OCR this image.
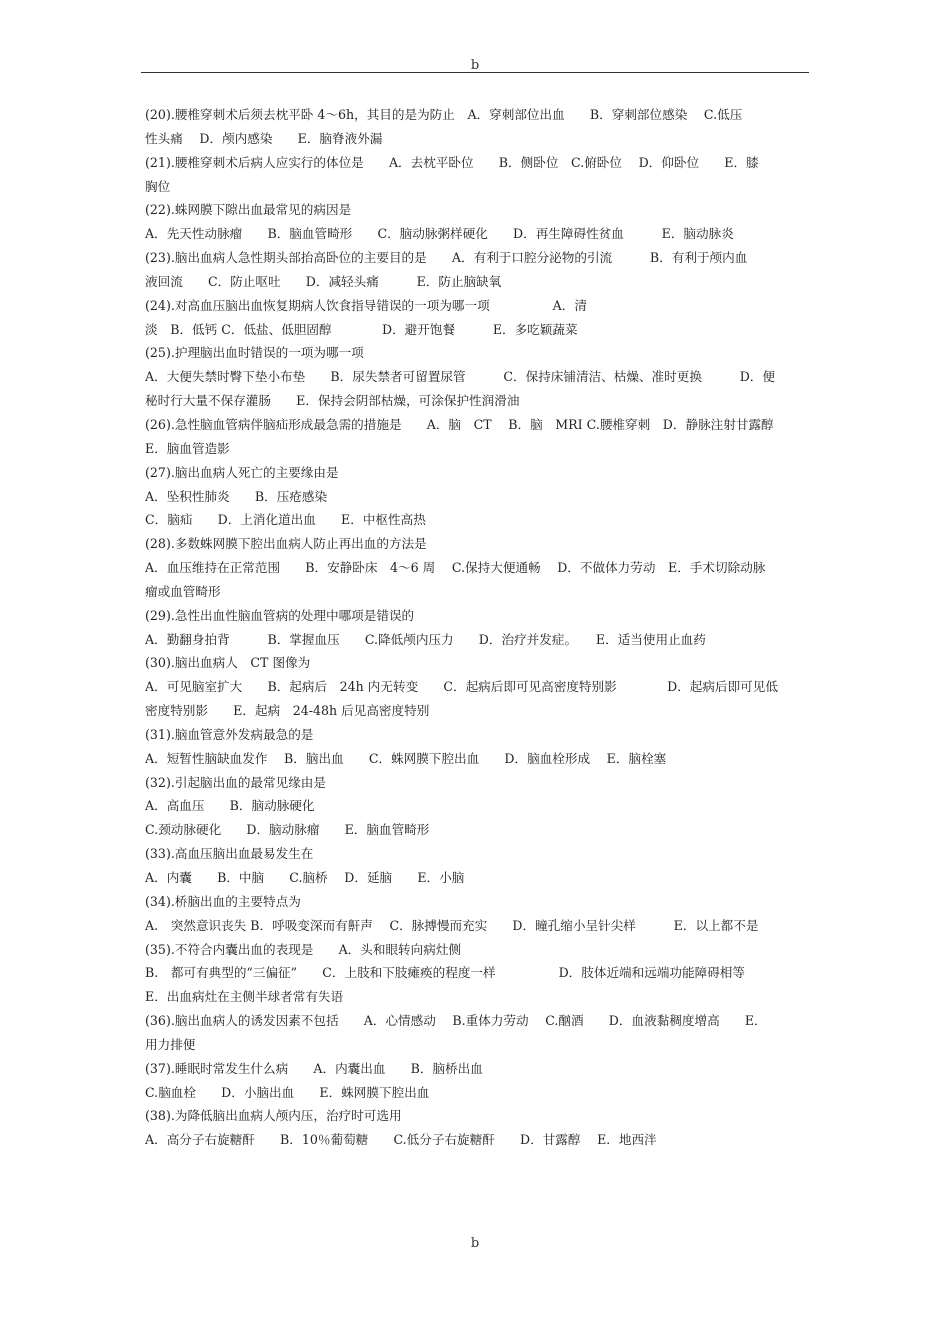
b
(20).腰椎穿刺术后须去枕平卧 4～6h，其目的是为防止　A．穿刺部位出血　　B．穿刺部位感染　 C.低压
性头痛　 D．颅内感染　　E．脑脊液外漏
(21).腰椎穿刺术后病人应实行的体位是　　A．去枕平卧位　　B．侧卧位　C.俯卧位　 D．仰卧位　　E．膝
胸位
(22).蛛网膜下隙出血最常见的病因是
A．先天性动脉瘤　　B．脑血管畸形　　C．脑动脉粥样硬化　　D．再生障碍性贫血　　　E．脑动脉炎
(23).脑出血病人急性期头部抬高卧位的主要目的是　　A．有利于口腔分泌物的引流　　　B．有利于颅内血
液回流　　C．防止呕吐　　D．减轻头痛　　　E．防止脑缺氧
(24).对高血压脑出血恢复期病人饮食指导错误的一项为哪一项　　　　　A．清
淡　B．低钙 C．低盐、低胆固醇　　　　D．避开饱餐　　　E．多吃颖蔬菜
(25).护理脑出血时错误的一项为哪一项
A．大便失禁时臀下垫小布垫　　B．尿失禁者可留置尿管　　　C．保持床铺清洁、枯燥、准时更换　　　D．便
秘时行大量不保存灌肠　　E．保持会阴部枯燥，可涂保护性润滑油
(26).急性脑血管病伴脑疝形成最急需的措施是　　A．脑　CT　 B．脑　MRI C.腰椎穿刺　D．静脉注射甘露醇
E．脑血管造影
(27).脑出血病人死亡的主要缘由是
A．坠积性肺炎　　B．压疮感染
C．脑疝　　D．上消化道出血　　E．中枢性高热
(28).多数蛛网膜下腔出血病人防止再出血的方法是
A．血压维持在正常范围　　B．安静卧床　4～6 周　 C.保持大便通畅　 D．不做体力劳动　E．手术切除动脉
瘤或血管畸形
(29).急性出血性脑血管病的处理中哪项是错误的
A．勤翻身拍背　　　B．掌握血压　　C.降低颅内压力　　D．治疗并发症。　　E．适当使用止血药
(30).脑出血病人　CT 图像为
A．可见脑室扩大　　B．起病后　24h 内无转变　　C．起病后即可见高密度特别影　　　　D．起病后即可见低
密度特别影　　E．起病　24-48h 后见高密度特别
(31).脑血管意外发病最急的是
A．短暂性脑缺血发作　 B．脑出血　　C．蛛网膜下腔出血　　D．脑血栓形成　 E．脑栓塞
(32).引起脑出血的最常见缘由是
A．高血压　　B．脑动脉硬化
C.颈动脉硬化　　D．脑动脉瘤　　E．脑血管畸形
(33).高血压脑出血最易发生在
A．内囊　　B．中脑　　C.脑桥　 D．延脑　　E．小脑
(34).桥脑出血的主要特点为
A.　突然意识丧失 B．呼吸变深而有鼾声　 C．脉搏慢而充实　　D．瞳孔缩小呈针尖样　　　E．以上都不是
(35).不符合内囊出血的表现是　　A．头和眼转向病灶侧
B.　都可有典型的“三偏征”　　C．上肢和下肢瘫痪的程度一样　　　　　D．肢体近端和远端功能障碍相等
E．出血病灶在主侧半球者常有失语
(36).脑出血病人的诱发因素不包括　　A．心情感动　 B.重体力劳动　 C.酗酒　　D．血液黏稠度增高　　E．
用力排便
(37).睡眠时常发生什么病　　A．内囊出血　　B．脑桥出血
C.脑血栓　　D．小脑出血　　E．蛛网膜下腔出血
(38).为降低脑出血病人颅内压，治疗时可选用
A．高分子右旋糖酐　　B．10％葡萄糖　　C.低分子右旋糖酐　　D．甘露醇　 E．地西泮
b
